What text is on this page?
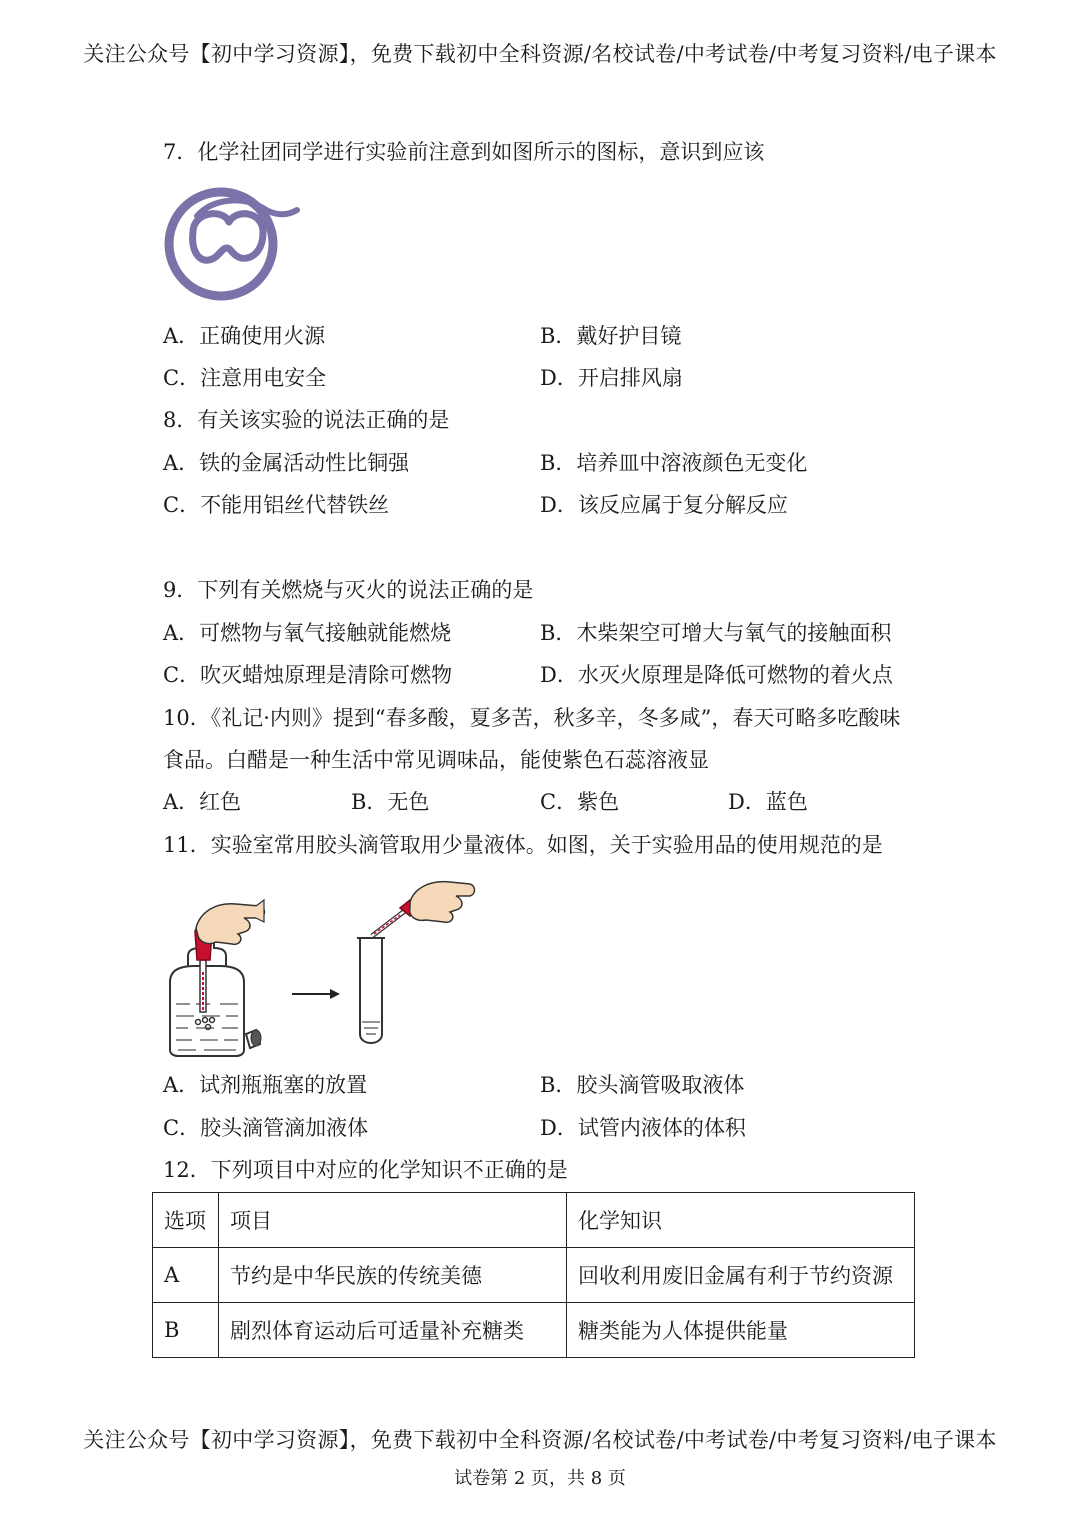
关注公众号【初中学习资源】，免费下载初中全科资源/名校试卷/中考试卷/中考复习资料/电子课本
7．化学社团同学进行实验前注意到如图所示的图标，意识到应该
A．正确使用火源	B．戴好护目镜
C．注意用电安全	D．开启排风扇
8．有关该实验的说法正确的是
A．铁的金属活动性比铜强	B．培养皿中溶液颜色无变化
C．不能用铝丝代替铁丝	D．该反应属于复分解反应
9．下列有关燃烧与灭火的说法正确的是
A．可燃物与氧气接触就能燃烧	B．木柴架空可增大与氧气的接触面积
C．吹灭蜡烛原理是清除可燃物	D．水灭火原理是降低可燃物的着火点
10．《礼记·内则》提到“春多酸，夏多苦，秋多辛，冬多咸”，春天可略多吃酸味
食品。白醋是一种生活中常见调味品，能使紫色石蕊溶液显
A．红色	B．无色	C．紫色	D．蓝色
11．实验室常用胶头滴管取用少量液体。如图，关于实验用品的使用规范的是
A．试剂瓶瓶塞的放置	B．胶头滴管吸取液体
C．胶头滴管滴加液体	D．试管内液体的体积
12．下列项目中对应的化学知识不正确的是
选项	项目	化学知识
A	节约是中华民族的传统美德	回收利用废旧金属有利于节约资源
B	剧烈体育运动后可适量补充糖类	糖类能为人体提供能量
关注公众号【初中学习资源】，免费下载初中全科资源/名校试卷/中考试卷/中考复习资料/电子课本
试卷第 2 页，共 8 页
